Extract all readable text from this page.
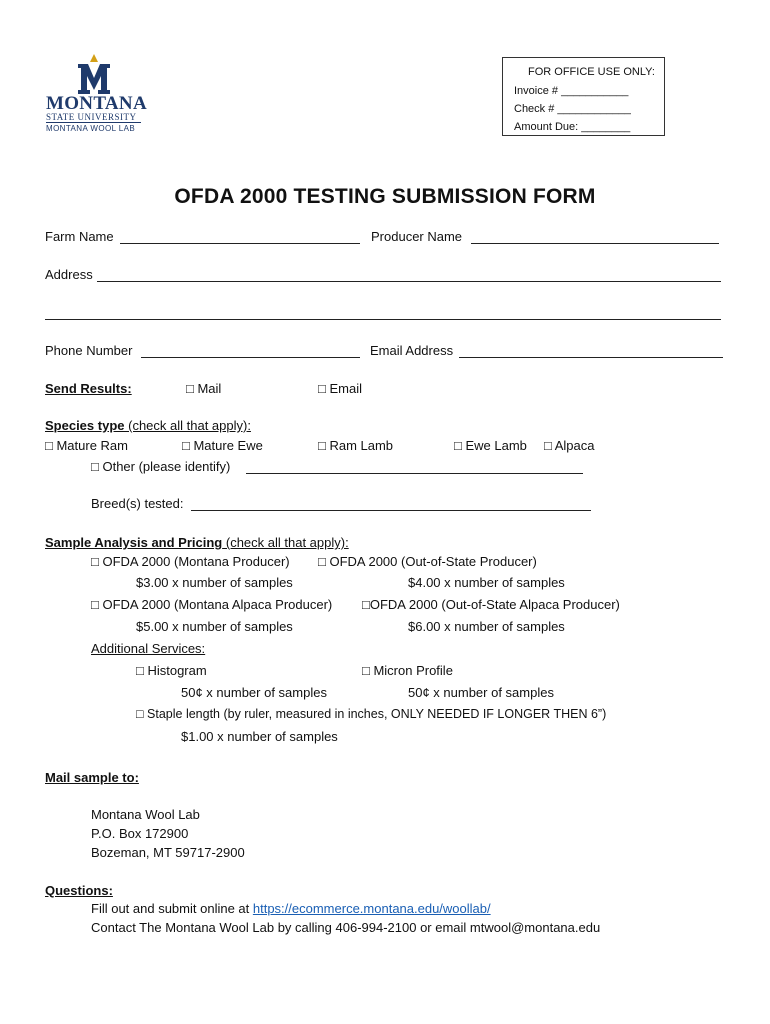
MONTANA
STATE UNIVERSITY
MONTANA WOOL LAB
FOR OFFICE USE ONLY:
Invoice # ___________
Check # ____________
Amount Due: ________
OFDA 2000 TESTING SUBMISSION FORM
Farm Name	Producer Name
Address
Phone Number	Email Address
Send Results:	□ Mail	□ Email
Species type (check all that apply):
□ Mature Ram	□ Mature Ewe	□ Ram Lamb	□ Ewe Lamb □ Alpaca
□ Other (please identify)
Breed(s) tested:
Sample Analysis and Pricing (check all that apply):
□ OFDA 2000 (Montana Producer) □ OFDA 2000 (Out-of-State Producer)
$3.00 x number of samples	$4.00 x number of samples
□ OFDA 2000 (Montana Alpaca Producer) □OFDA 2000 (Out-of-State Alpaca Producer)
$5.00 x number of samples	$6.00 x number of samples
Additional Services:
□ Histogram	□ Micron Profile
50¢ x number of samples	50¢ x number of samples
□ Staple length (by ruler, measured in inches, ONLY NEEDED IF LONGER THEN 6”)
$1.00 x number of samples
Mail sample to:
Montana Wool Lab
P.O. Box 172900
Bozeman, MT 59717-2900
Questions:
Fill out and submit online at https://ecommerce.montana.edu/woollab/
Contact The Montana Wool Lab by calling 406-994-2100 or email mtwool@montana.edu
